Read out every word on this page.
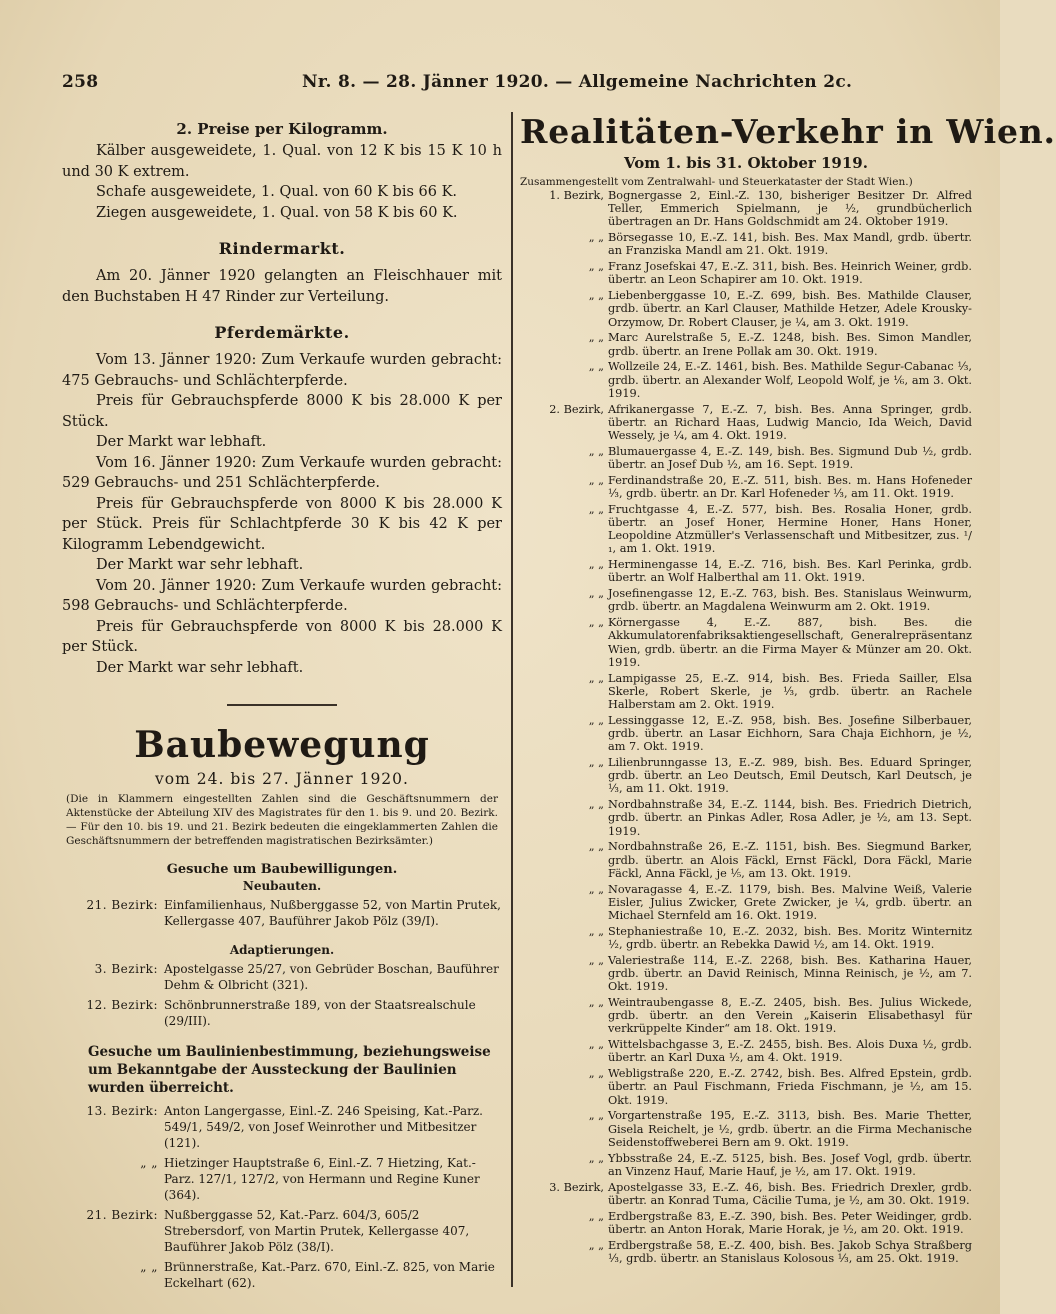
258	Nr. 8. — 28. Jänner 1920. — Allgemeine Nachrichten 2c.
2. Preise per Kilogramm.
Kälber ausgeweidete, 1. Qual. von 12 K bis 15 K 10 h und 30 K extrem.
Schafe ausgeweidete, 1. Qual. von 60 K bis 66 K.
Ziegen ausgeweidete, 1. Qual. von 58 K bis 60 K.
Rindermarkt.
Am 20. Jänner 1920 gelangten an Fleischhauer mit den Buchstaben H 47 Rinder zur Verteilung.
Pferdemärkte.
Vom 13. Jänner 1920: Zum Verkaufe wurden gebracht: 475 Gebrauchs- und Schlächterpferde.
Preis für Gebrauchspferde 8000 K bis 28.000 K per Stück.
Der Markt war lebhaft.
Vom 16. Jänner 1920: Zum Verkaufe wurden gebracht: 529 Gebrauchs- und 251 Schlächterpferde.
Preis für Gebrauchspferde von 8000 K bis 28.000 K per Stück. Preis für Schlachtpferde 30 K bis 42 K per Kilogramm Lebendgewicht.
Der Markt war sehr lebhaft.
Vom 20. Jänner 1920: Zum Verkaufe wurden gebracht: 598 Gebrauchs- und Schlächterpferde.
Preis für Gebrauchspferde von 8000 K bis 28.000 K per Stück.
Der Markt war sehr lebhaft.
Baubewegung
vom 24. bis 27. Jänner 1920.
(Die in Klammern eingestellten Zahlen sind die Geschäftsnummern der Aktenstücke der Abteilung XIV des Magistrates für den 1. bis 9. und 20. Bezirk. — Für den 10. bis 19. und 21. Bezirk bedeuten die eingeklammerten Zahlen die Geschäftsnummern der betreffenden magistratischen Bezirksämter.)
Gesuche um Baubewilligungen.
Neubauten.
21. Bezirk: Einfamilienhaus, Nußberggasse 52, von Martin Prutek, Kellergasse 407, Bauführer Jakob Pölz (39/I).
Adaptierungen.
3. Bezirk: Apostelgasse 25/27, von Gebrüder Boschan, Bauführer Dehm & Olbricht (321).
12. Bezirk: Schönbrunnerstraße 189, von der Staatsrealschule (29/III).
Gesuche um Baulinienbestimmung, beziehungsweise um Bekanntgabe der Aussteckung der Baulinien wurden überreicht.
13. Bezirk: Anton Langergasse, Einl.-Z. 246 Speising, Kat.-Parz. 549/1, 549/2, von Josef Weinrother und Mitbesitzer (121).
„ „ Hietzinger Hauptstraße 6, Einl.-Z. 7 Hietzing, Kat.-Parz. 127/1, 127/2, von Hermann und Regine Kuner (364).
21. Bezirk: Nußberggasse 52, Kat.-Parz. 604/3, 605/2 Strebersdorf, von Martin Prutek, Kellergasse 407, Bauführer Jakob Pölz (38/I).
„ „ Brünnerstraße, Kat.-Parz. 670, Einl.-Z. 825, von Marie Eckelhart (62).
Realitäten-Verkehr in Wien.
Vom 1. bis 31. Oktober 1919.
Zusammengestellt vom Zentralwahl- und Steuerkataster der Stadt Wien.)
1. Bezirk, Bognergasse 2, Einl.-Z. 130, bisheriger Besitzer Dr. Alfred Teller, Emmerich Spielmann, je ½, grundbücherlich übertragen an Dr. Hans Goldschmidt am 24. Oktober 1919.
„ „ Börsegasse 10, E.-Z. 141, bish. Bes. Max Mandl, grdb. übertr. an Franziska Mandl am 21. Okt. 1919.
„ „ Franz Josefskai 47, E.-Z. 311, bish. Bes. Heinrich Weiner, grdb. übertr. an Leon Schapirer am 10. Okt. 1919.
„ „ Liebenberggasse 10, E.-Z. 699, bish. Bes. Mathilde Clauser, grdb. übertr. an Karl Clauser, Mathilde Hetzer, Adele Krousky-Orzymow, Dr. Robert Clauser, je ¼, am 3. Okt. 1919.
„ „ Marc Aurelstraße 5, E.-Z. 1248, bish. Bes. Simon Mandler, grdb. übertr. an Irene Pollak am 30. Okt. 1919.
„ „ Wollzeile 24, E.-Z. 1461, bish. Bes. Mathilde Segur-Cabanac ⅓, grdb. übertr. an Alexander Wolf, Leopold Wolf, je ⅙, am 3. Okt. 1919.
2. Bezirk, Afrikanergasse 7, E.-Z. 7, bish. Bes. Anna Springer, grdb. übertr. an Richard Haas, Ludwig Mancio, Ida Weich, David Wessely, je ¼, am 4. Okt. 1919.
„ „ Blumauergasse 4, E.-Z. 149, bish. Bes. Sigmund Dub ½, grdb. übertr. an Josef Dub ½, am 16. Sept. 1919.
„ „ Ferdinandstraße 20, E.-Z. 511, bish. Bes. m. Hans Hofeneder ⅓, grdb. übertr. an Dr. Karl Hofeneder ⅓, am 11. Okt. 1919.
„ „ Fruchtgasse 4, E.-Z. 577, bish. Bes. Rosalia Honer, grdb. übertr. an Josef Honer, Hermine Honer, Hans Honer, Leopoldine Atzmüller's Verlassenschaft und Mitbesitzer, zus. ¹/₁, am 1. Okt. 1919.
„ „ Herminengasse 14, E.-Z. 716, bish. Bes. Karl Perinka, grdb. übertr. an Wolf Halberthal am 11. Okt. 1919.
„ „ Josefinengasse 12, E.-Z. 763, bish. Bes. Stanislaus Weinwurm, grdb. übertr. an Magdalena Weinwurm am 2. Okt. 1919.
„ „ Körnergasse 4, E.-Z. 887, bish. Bes. die Akkumulatorenfabriksaktiengesellschaft, Generalrepräsentanz Wien, grdb. übertr. an die Firma Mayer & Münzer am 20. Okt. 1919.
„ „ Lampigasse 25, E.-Z. 914, bish. Bes. Frieda Sailler, Elsa Skerle, Robert Skerle, je ⅓, grdb. übertr. an Rachele Halberstam am 2. Okt. 1919.
„ „ Lessinggasse 12, E.-Z. 958, bish. Bes. Josefine Silberbauer, grdb. übertr. an Lasar Eichhorn, Sara Chaja Eichhorn, je ½, am 7. Okt. 1919.
„ „ Lilienbrunngasse 13, E.-Z. 989, bish. Bes. Eduard Springer, grdb. übertr. an Leo Deutsch, Emil Deutsch, Karl Deutsch, je ⅓, am 11. Okt. 1919.
„ „ Nordbahnstraße 34, E.-Z. 1144, bish. Bes. Friedrich Dietrich, grdb. übertr. an Pinkas Adler, Rosa Adler, je ½, am 13. Sept. 1919.
„ „ Nordbahnstraße 26, E.-Z. 1151, bish. Bes. Siegmund Barker, grdb. übertr. an Alois Fäckl, Ernst Fäckl, Dora Fäckl, Marie Fäckl, Anna Fäckl, je ⅕, am 13. Okt. 1919.
„ „ Novaragasse 4, E.-Z. 1179, bish. Bes. Malvine Weiß, Valerie Eisler, Julius Zwicker, Grete Zwicker, je ¼, grdb. übertr. an Michael Sternfeld am 16. Okt. 1919.
„ „ Stephaniestraße 10, E.-Z. 2032, bish. Bes. Moritz Winternitz ½, grdb. übertr. an Rebekka Dawid ½, am 14. Okt. 1919.
„ „ Valeriestraße 114, E.-Z. 2268, bish. Bes. Katharina Hauer, grdb. übertr. an David Reinisch, Minna Reinisch, je ½, am 7. Okt. 1919.
„ „ Weintraubengasse 8, E.-Z. 2405, bish. Bes. Julius Wickede, grdb. übertr. an den Verein „Kaiserin Elisabethasyl für verkrüppelte Kinder“ am 18. Okt. 1919.
„ „ Wittelsbachgasse 3, E.-Z. 2455, bish. Bes. Alois Duxa ½, grdb. übertr. an Karl Duxa ½, am 4. Okt. 1919.
„ „ Webligstraße 220, E.-Z. 2742, bish. Bes. Alfred Epstein, grdb. übertr. an Paul Fischmann, Frieda Fischmann, je ½, am 15. Okt. 1919.
„ „ Vorgartenstraße 195, E.-Z. 3113, bish. Bes. Marie Thetter, Gisela Reichelt, je ½, grdb. übertr. an die Firma Mechanische Seidenstoffweberei Bern am 9. Okt. 1919.
„ „ Ybbsstraße 24, E.-Z. 5125, bish. Bes. Josef Vogl, grdb. übertr. an Vinzenz Hauf, Marie Hauf, je ½, am 17. Okt. 1919.
3. Bezirk, Apostelgasse 33, E.-Z. 46, bish. Bes. Friedrich Drexler, grdb. übertr. an Konrad Tuma, Cäcilie Tuma, je ½, am 30. Okt. 1919.
„ „ Erdbergstraße 83, E.-Z. 390, bish. Bes. Peter Weidinger, grdb. übertr. an Anton Horak, Marie Horak, je ½, am 20. Okt. 1919.
„ „ Erdbergstraße 58, E.-Z. 400, bish. Bes. Jakob Schya Straßberg ⅓, grdb. übertr. an Stanislaus Kolosous ⅓, am 25. Okt. 1919.
